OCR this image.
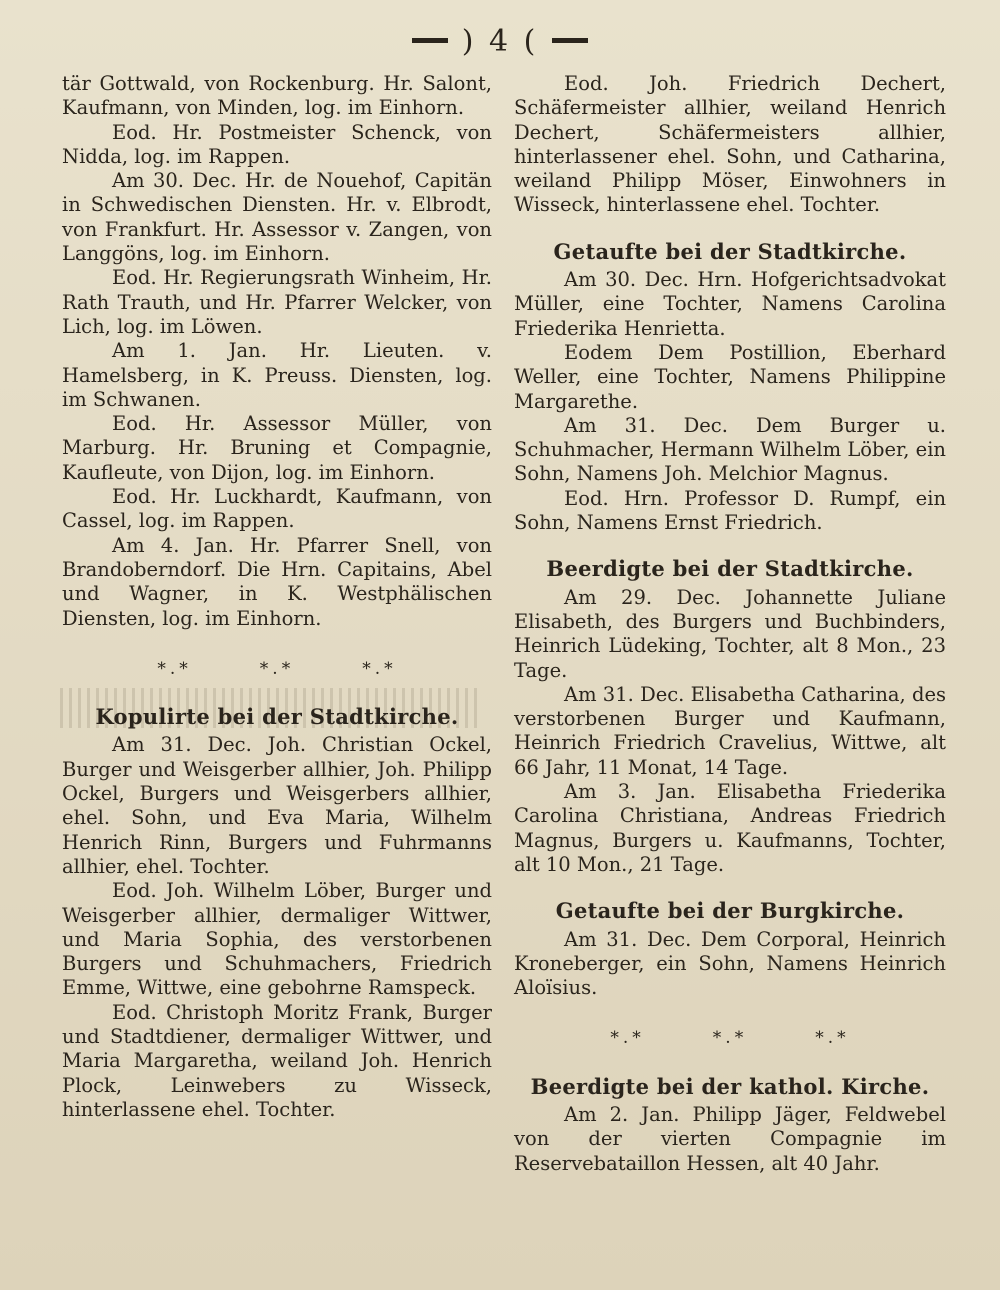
) 4 (

tär Gottwald, von Rockenburg. Hr. Salont, Kaufmann, von Minden, log. im Einhorn.

Eod. Hr. Postmeister Schenck, von Nidda, log. im Rappen.

Am 30. Dec. Hr. de Nouehof, Capitän in Schwedischen Diensten. Hr. v. Elbrodt, von Frankfurt. Hr. Assessor v. Zangen, von Langgöns, log. im Einhorn.

Eod. Hr. Regierungsrath Winheim, Hr. Rath Trauth, und Hr. Pfarrer Welcker, von Lich, log. im Löwen.

Am 1. Jan. Hr. Lieuten. v. Hamelsberg, in K. Preuss. Diensten, log. im Schwanen.

Eod. Hr. Assessor Müller, von Marburg. Hr. Bruning et Compagnie, Kaufleute, von Dijon, log. im Einhorn.

Eod. Hr. Luckhardt, Kaufmann, von Cassel, log. im Rappen.

Am 4. Jan. Hr. Pfarrer Snell, von Brandoberndorf. Die Hrn. Capitains, Abel und Wagner, in K. Westphälischen Diensten, log. im Einhorn.

*.*	*.*	*.*
Kopulirte bei der Stadtkirche.

Am 31. Dec. Joh. Christian Ockel, Burger und Weisgerber allhier, Joh. Philipp Ockel, Burgers und Weisgerbers allhier, ehel. Sohn, und Eva Maria, Wilhelm Henrich Rinn, Burgers und Fuhrmanns allhier, ehel. Tochter.

Eod. Joh. Wilhelm Löber, Burger und Weisgerber allhier, dermaliger Wittwer, und Maria Sophia, des verstorbenen Burgers und Schuhmachers, Friedrich Emme, Wittwe, eine gebohrne Ramspeck.

Eod. Christoph Moritz Frank, Burger und Stadtdiener, dermaliger Wittwer, und Maria Margaretha, weiland Joh. Henrich Plock, Leinwebers zu Wisseck, hinterlassene ehel. Tochter.

Eod. Joh. Friedrich Dechert, Schäfermeister allhier, weiland Henrich Dechert, Schäfermeisters allhier, hinterlassener ehel. Sohn, und Catharina, weiland Philipp Möser, Einwohners in Wisseck, hinterlassene ehel. Tochter.

Getaufte bei der Stadtkirche.

Am 30. Dec. Hrn. Hofgerichtsadvokat Müller, eine Tochter, Namens Carolina Friederika Henrietta.

Eodem Dem Postillion, Eberhard Weller, eine Tochter, Namens Philippine Margarethe.

Am 31. Dec. Dem Burger u. Schuhmacher, Hermann Wilhelm Löber, ein Sohn, Namens Joh. Melchior Magnus.

Eod. Hrn. Professor D. Rumpf, ein Sohn, Namens Ernst Friedrich.

Beerdigte bei der Stadtkirche.

Am 29. Dec. Johannette Juliane Elisabeth, des Burgers und Buchbinders, Heinrich Lüdeking, Tochter, alt 8 Mon., 23 Tage.

Am 31. Dec. Elisabetha Catharina, des verstorbenen Burger und Kaufmann, Heinrich Friedrich Cravelius, Wittwe, alt 66 Jahr, 11 Monat, 14 Tage.

Am 3. Jan. Elisabetha Friederika Carolina Christiana, Andreas Friedrich Magnus, Burgers u. Kaufmanns, Tochter, alt 10 Mon., 21 Tage.

Getaufte bei der Burgkirche.

Am 31. Dec. Dem Corporal, Heinrich Kroneberger, ein Sohn, Namens Heinrich Aloïsius.

*.*	*.*	*.*
Beerdigte bei der kathol. Kirche.

Am 2. Jan. Philipp Jäger, Feldwebel von der vierten Compagnie im Reservebataillon Hessen, alt 40 Jahr.
